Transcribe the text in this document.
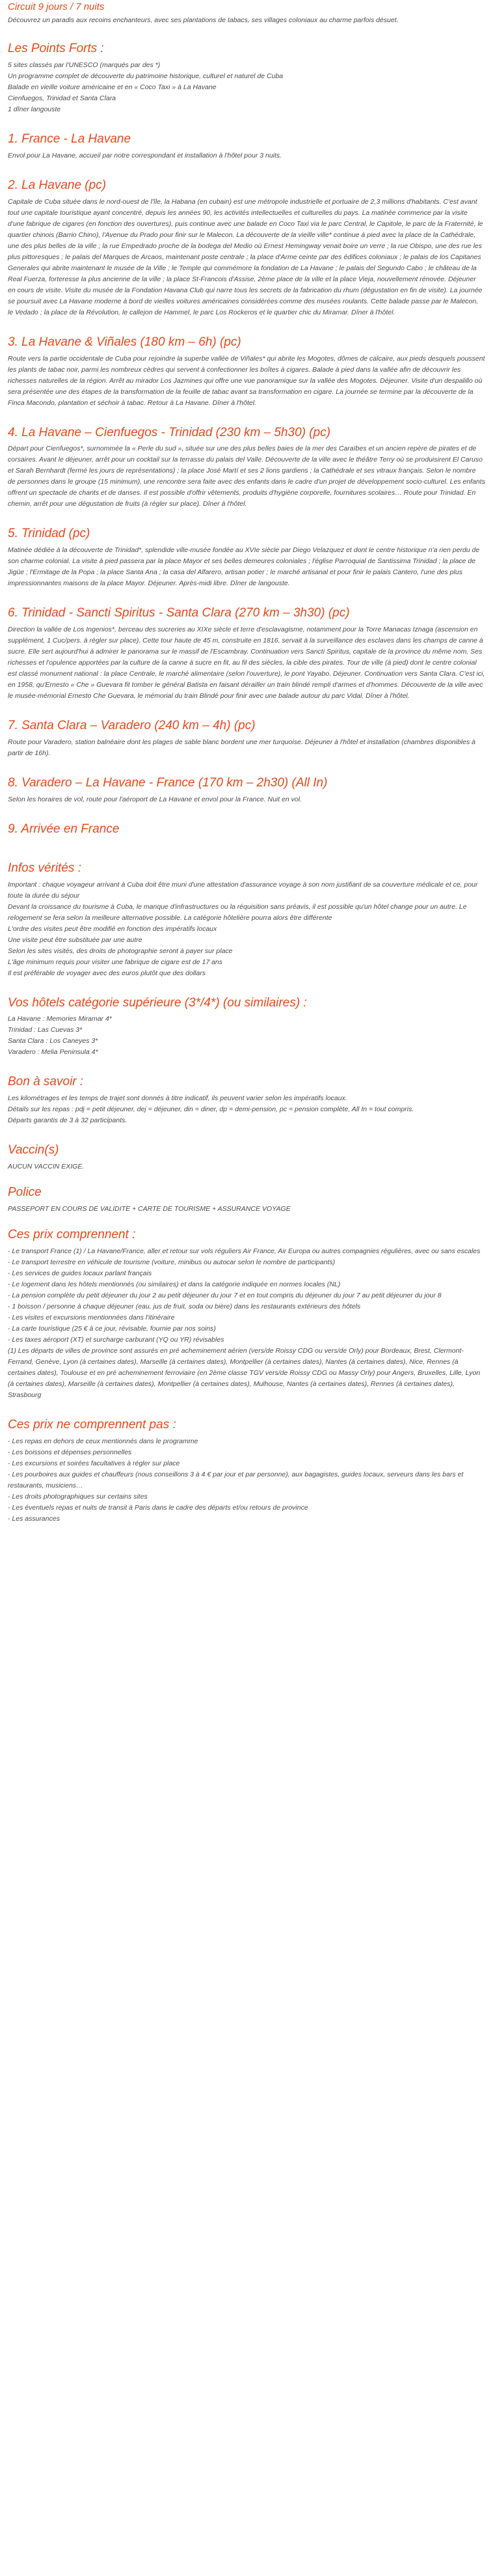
Circuit 9 jours / 7 nuits

Découvrez un paradis aux recoins enchanteurs, avec ses plantations de tabacs, ses villages coloniaux au charme parfois désuet.

Les Points Forts :
5 sites classés par l'UNESCO (marqués par des *)
Un programme complet de découverte du patrimoine historique, culturel et naturel de Cuba
Balade en vieille voiture américaine et en « Coco Taxi » à La Havane
Cienfuegos, Trinidad et Santa Clara
1 dîner langouste
1. France - La Havane

Envol pour La Havane, accueil par notre correspondant et installation à l'hôtel pour 3 nuits.

2. La Havane (pc)

Capitale de Cuba située dans le nord-ouest de l'île, la Habana (en cubain) est une métropole industrielle et portuaire de 2,3 millions d'habitants. C'est avant tout une capitale touristique ayant concentré, depuis les années 90, les activités intellectuelles et culturelles du pays. La matinée commence par la visite d'une fabrique de cigares (en fonction des ouvertures), puis continue avec une balade en Coco Taxi via le parc Central, le Capitole, le parc de la Fraternité, le quartier chinois (Barrio Chino), l'Avenue du Prado pour finir sur le Malecon. La découverte de la vieille ville* continue à pied avec la place de la Cathédrale, une des plus belles de la ville ; la rue Empedrado proche de la bodega del Medio où Ernest Hemingway venait boire un verre ; la rue Obispo, une des rue les plus pittoresques ; le palais del Marques de Arcaos, maintenant poste centrale ; la place d'Arme ceinte par des édifices coloniaux ; le palais de los Capitanes Generales qui abrite maintenant le musée de la Ville ; le Temple qui commémore la fondation de La Havane ; le palais del Segundo Cabo ; le château de la Real Fuerza, forteresse la plus ancienne de la ville ; la place St-Francois d'Assise, 2ème place de la ville et la place Vieja, nouvellement rénovée. Déjeuner en cours de visite. Visite du musée de la Fondation Havana Club qui narre tous les secrets de la fabrication du rhum (dégustation en fin de visite). La journée se poursuit avec La Havane moderne à bord de vieilles voitures américaines considérées comme des musées roulants. Cette balade passe par le Malecon, le Vedado ; la place de la Révolution, le callejon de Hammel, le parc Los Rockeros et le quartier chic du Miramar. Dîner à l'hôtel.

3. La Havane & Viñales (180 km – 6h) (pc)

Route vers la partie occidentale de Cuba pour rejoindre la superbe vallée de Viñales* qui abrite les Mogotes, dômes de calcaire, aux pieds desquels poussent les plants de tabac noir, parmi les nombreux cèdres qui servent à confectionner les boîtes à cigares. Balade à pied dans la vallée afin de découvrir les richesses naturelles de la région. Arrêt au mirador Los Jazmines qui offre une vue panoramique sur la vallée des Mogotes. Déjeuner. Visite d'un despalillo où sera présentée une des étapes de la transformation de la feuille de tabac avant sa transformation en cigare. La journée se termine par la découverte de la Finca Macondo, plantation et séchoir à tabac. Retour à La Havane. Dîner à l'hôtel.

4. La Havane – Cienfuegos - Trinidad (230 km – 5h30) (pc)

Départ pour Cienfuegos*, surnommée la « Perle du sud », située sur une des plus belles baies de la mer des Caraïbes et un ancien repère de pirates et de corsaires. Avant le déjeuner, arrêt pour un cocktail sur la terrasse du palais del Valle. Découverte de la ville avec le théâtre Terry où se produisirent El Caruso et Sarah Bernhardt (fermé les jours de représentations) ; la place José Martí et ses 2 lions gardiens ; la Cathédrale et ses vitraux français. Selon le nombre de personnes dans le groupe (15 minimum), une rencontre sera faite avec des enfants dans le cadre d'un projet de développement socio-culturel. Les enfants offrent un spectacle de chants et de danses. Il est possible d'offrir vêtements, produits d'hygiène corporelle, fournitures scolaires… Route pour Trinidad. En chemin, arrêt pour une dégustation de fruits (à régler sur place). Dîner à l'hôtel.

5. Trinidad (pc)

Matinée dédiée à la découverte de Trinidad*, splendide ville-musée fondée au XVIe siècle par Diego Velazquez et dont le centre historique n'a rien perdu de son charme colonial. La visite à pied passera par la place Mayor et ses belles demeures coloniales ; l'église Parroquial de Santissima Trinidad ; la place de Jigüe ; l'Ermitage de la Popa ; la place Santa Ana ; la casa del Alfarero, artisan potier ; le marché artisanal et pour finir le palais Cantero, l'une des plus impressionnantes maisons de la place Mayor. Déjeuner. Après-midi libre. Dîner de langouste.

6. Trinidad - Sancti Spiritus - Santa Clara (270 km – 3h30) (pc)

Direction la vallée de Los Ingenios*, berceau des sucreries au XIXe siècle et terre d'esclavagisme, notamment pour la Torre Manacas Iznaga (ascension en supplément, 1 Cuc/pers. à régler sur place). Cette tour haute de 45 m, construite en 1816, servait à la surveillance des esclaves dans les champs de canne à sucre. Elle sert aujourd'hui à admirer le panorama sur le massif de l'Escambray. Continuation vers Sancti Spiritus, capitale de la province du même nom. Ses richesses et l'opulence apportées par la culture de la canne à sucre en fit, au fil des siècles, la cible des pirates. Tour de ville (à pied) dont le centre colonial est classé monument national : la place Centrale, le marché alimentaire (selon l'ouverture), le pont Yayabo. Déjeuner. Continuation vers Santa Clara. C'est ici, en 1958, qu'Ernesto « Che » Guevara fit tomber le général Batista en faisant dérailler un train blindé rempli d'armes et d'hommes. Découverte de la ville avec le musée-mémorial Ernesto Che Guevara, le mémorial du train Blindé pour finir avec une balade autour du parc Vidal. Dîner à l'hôtel.

7. Santa Clara – Varadero (240 km – 4h) (pc)

Route pour Varadero, station balnéaire dont les plages de sable blanc bordent une mer turquoise. Déjeuner à l'hôtel et installation (chambres disponibles à partir de 16h).

8. Varadero – La Havane - France (170 km – 2h30) (All In)

Selon les horaires de vol, route pour l'aéroport de La Havane et envol pour la France. Nuit en vol.

9. Arrivée en France
Infos vérités :
Important : chaque voyageur arrivant à Cuba doit être muni d'une attestation d'assurance voyage à son nom justifiant de sa couverture médicale et ce, pour toute la durée du séjour
Devant la croissance du tourisme à Cuba, le manque d'infrastructures ou la réquisition sans préavis, il est possible qu'un hôtel change pour un autre. Le relogement se fera selon la meilleure alternative possible. La catégorie hôtelière pourra alors être différente
L'ordre des visites peut être modifié en fonction des impératifs locaux
Une visite peut être substituée par une autre
Selon les sites visités, des droits de photographie seront à payer sur place
L'âge minimum requis pour visiter une fabrique de cigare est de 17 ans
Il est préférable de voyager avec des euros plutôt que des dollars
Vos hôtels catégorie supérieure (3*/4*) (ou similaires) :
La Havane : Memories Miramar 4*
Trinidad : Las Cuevas 3*
Santa Clara : Los Caneyes 3*
Varadero : Melia Peninsula 4*
Bon à savoir :
Les kilométrages et les temps de trajet sont donnés à titre indicatif, ils peuvent varier selon les impératifs locaux.
Détails sur les repas : pdj = petit déjeuner, dej = déjeuner, din = diner, dp = demi-pension, pc = pension complète, All In = tout compris.
Départs garantis de 3 à 32 participants.
Vaccin(s)
AUCUN VACCIN EXIGE.
Police
PASSEPORT EN COURS DE VALIDITE + CARTE DE TOURISME + ASSURANCE VOYAGE
Ces prix comprennent :
- Le transport France (1) / La Havane/France, aller et retour sur vols réguliers Air France, Air Europa ou autres compagnies régulières, avec ou sans escales
- Le transport terrestre en véhicule de tourisme (voiture, minibus ou autocar selon le nombre de participants)
- Les services de guides locaux parlant français
- Le logement dans les hôtels mentionnés (ou similaires) et dans la catégorie indiquée en normes locales (NL)
- La pension complète du petit déjeuner du jour 2 au petit déjeuner du jour 7 et en tout compris du déjeuner du jour 7 au petit déjeuner du jour 8
- 1 boisson / personne à chaque déjeuner (eau, jus de fruit, soda ou bière) dans les restaurants extérieurs des hôtels
- Les visites et excursions mentionnées dans l'itinéraire
- La carte touristique (25 € à ce jour, révisable, fournie par nos soins)
- Les taxes aéroport (XT) et surcharge carburant (YQ ou YR) révisables
(1) Les départs de villes de province sont assurés en pré acheminement aérien (vers/de Roissy CDG ou vers/de Orly) pour Bordeaux, Brest, Clermont-Ferrand, Genève, Lyon (à certaines dates), Marseille (à certaines dates), Montpellier (à certaines dates), Nantes (à certaines dates), Nice, Rennes (à certaines dates), Toulouse et en pré acheminement ferroviaire (en 2ème classe TGV vers/de Roissy CDG ou Massy Orly) pour Angers, Bruxelles, Lille, Lyon (à certaines dates), Marseille (à certaines dates), Montpellier (à certaines dates), Mulhouse, Nantes (à certaines dates), Rennes (à certaines dates), Strasbourg
Ces prix ne comprennent pas :
- Les repas en dehors de ceux mentionnés dans le programme
- Les boissons et dépenses personnelles
- Les excursions et soirées facultatives à régler sur place
- Les pourboires aux guides et chauffeurs (nous conseillons 3 à 4 € par jour et par personne), aux bagagistes, guides locaux, serveurs dans les bars et restaurants, musiciens…
- Les droits photographiques sur certains sites
- Les éventuels repas et nuits de transit à Paris dans le cadre des départs et/ou retours de province
- Les assurances
